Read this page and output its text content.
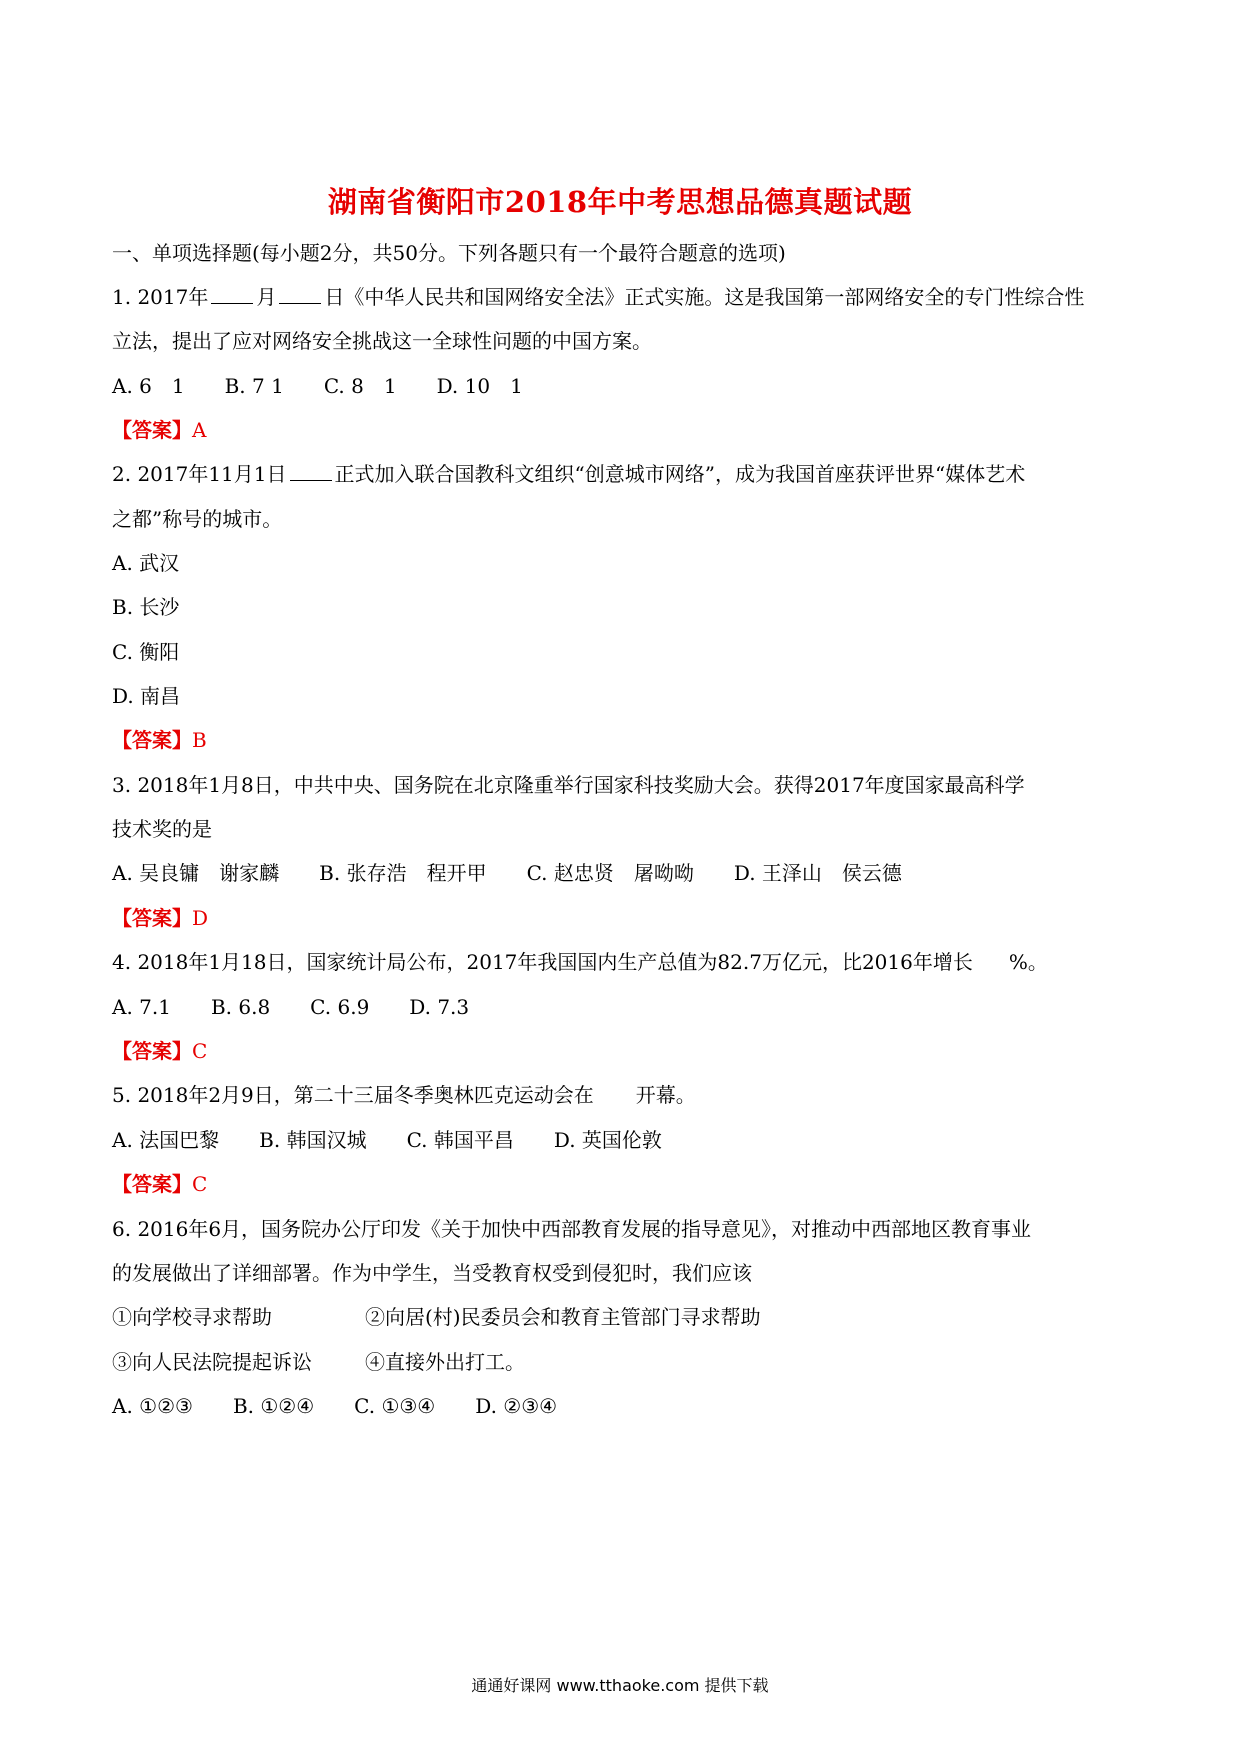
湖南省衡阳市2018年中考思想品德真题试题
一、单项选择题(每小题2分，共50分。下列各题只有一个最符合题意的选项)
1. 2017年 月 日《中华人民共和国网络安全法》正式实施。这是我国第一部网络安全的专门性综合性
立法，提出了应对网络安全挑战这一全球性问题的中国方案。
A. 6　1　　B. 7 1　　C. 8　1　　D. 10　1
【答案】A
2. 2017年11月1日 正式加入联合国教科文组织“创意城市网络”，成为我国首座获评世界“媒体艺术
之都”称号的城市。
A. 武汉
B. 长沙
C. 衡阳
D. 南昌
【答案】B
3. 2018年1月8日，中共中央、国务院在北京隆重举行国家科技奖励大会。获得2017年度国家最高科学
技术奖的是
A. 吴良镛　谢家麟　　B. 张存浩　程开甲　　C. 赵忠贤　屠呦呦　　D. 王泽山　侯云德
【答案】D
4. 2018年1月18日，国家统计局公布，2017年我国国内生产总值为82.7万亿元，比2016年增长 %。
A. 7.1　　B. 6.8　　C. 6.9　　D. 7.3
【答案】C
5. 2018年2月9日，第二十三届冬季奥林匹克运动会在 开幕。
A. 法国巴黎　　B. 韩国汉城　　C. 韩国平昌　　D. 英国伦敦
【答案】C
6. 2016年6月，国务院办公厅印发《关于加快中西部教育发展的指导意见》，对推动中西部地区教育事业
的发展做出了详细部署。作为中学生，当受教育权受到侵犯时，我们应该
①向学校寻求帮助	②向居(村)民委员会和教育主管部门寻求帮助
③向人民法院提起诉讼	④直接外出打工。
A. ①②③　　B. ①②④　　C. ①③④　　D. ②③④
通通好课网 www.tthaoke.com 提供下载
